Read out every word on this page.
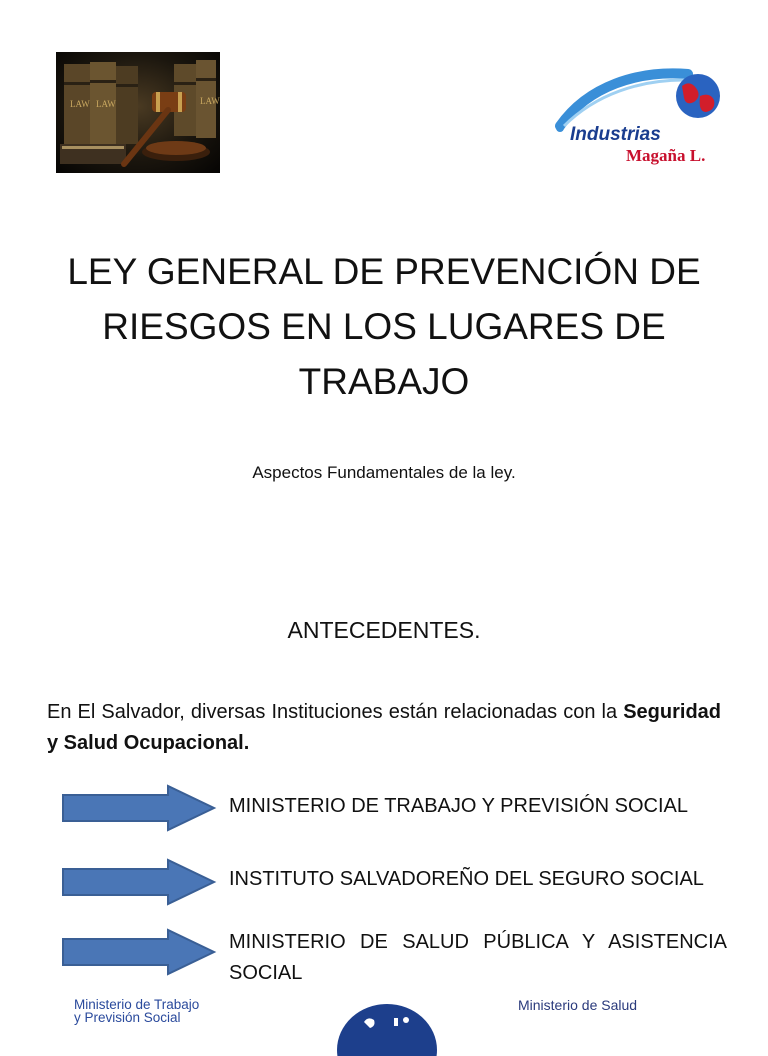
LAW LAW	LAW
Industrias
Magaña L.
LEY GENERAL DE PREVENCIÓN DE RIESGOS EN LOS LUGARES DE TRABAJO
Aspectos Fundamentales de la ley.
ANTECEDENTES.
En El Salvador, diversas Instituciones están relacionadas con la Seguridad y Salud Ocupacional.
MINISTERIO DE TRABAJO Y PREVISIÓN SOCIAL
INSTITUTO SALVADOREÑO DEL SEGURO SOCIAL
MINISTERIO DE SALUD PÚBLICA Y ASISTENCIA SOCIAL
Ministerio de Trabajo
y Previsión Social
Ministerio de Salud
